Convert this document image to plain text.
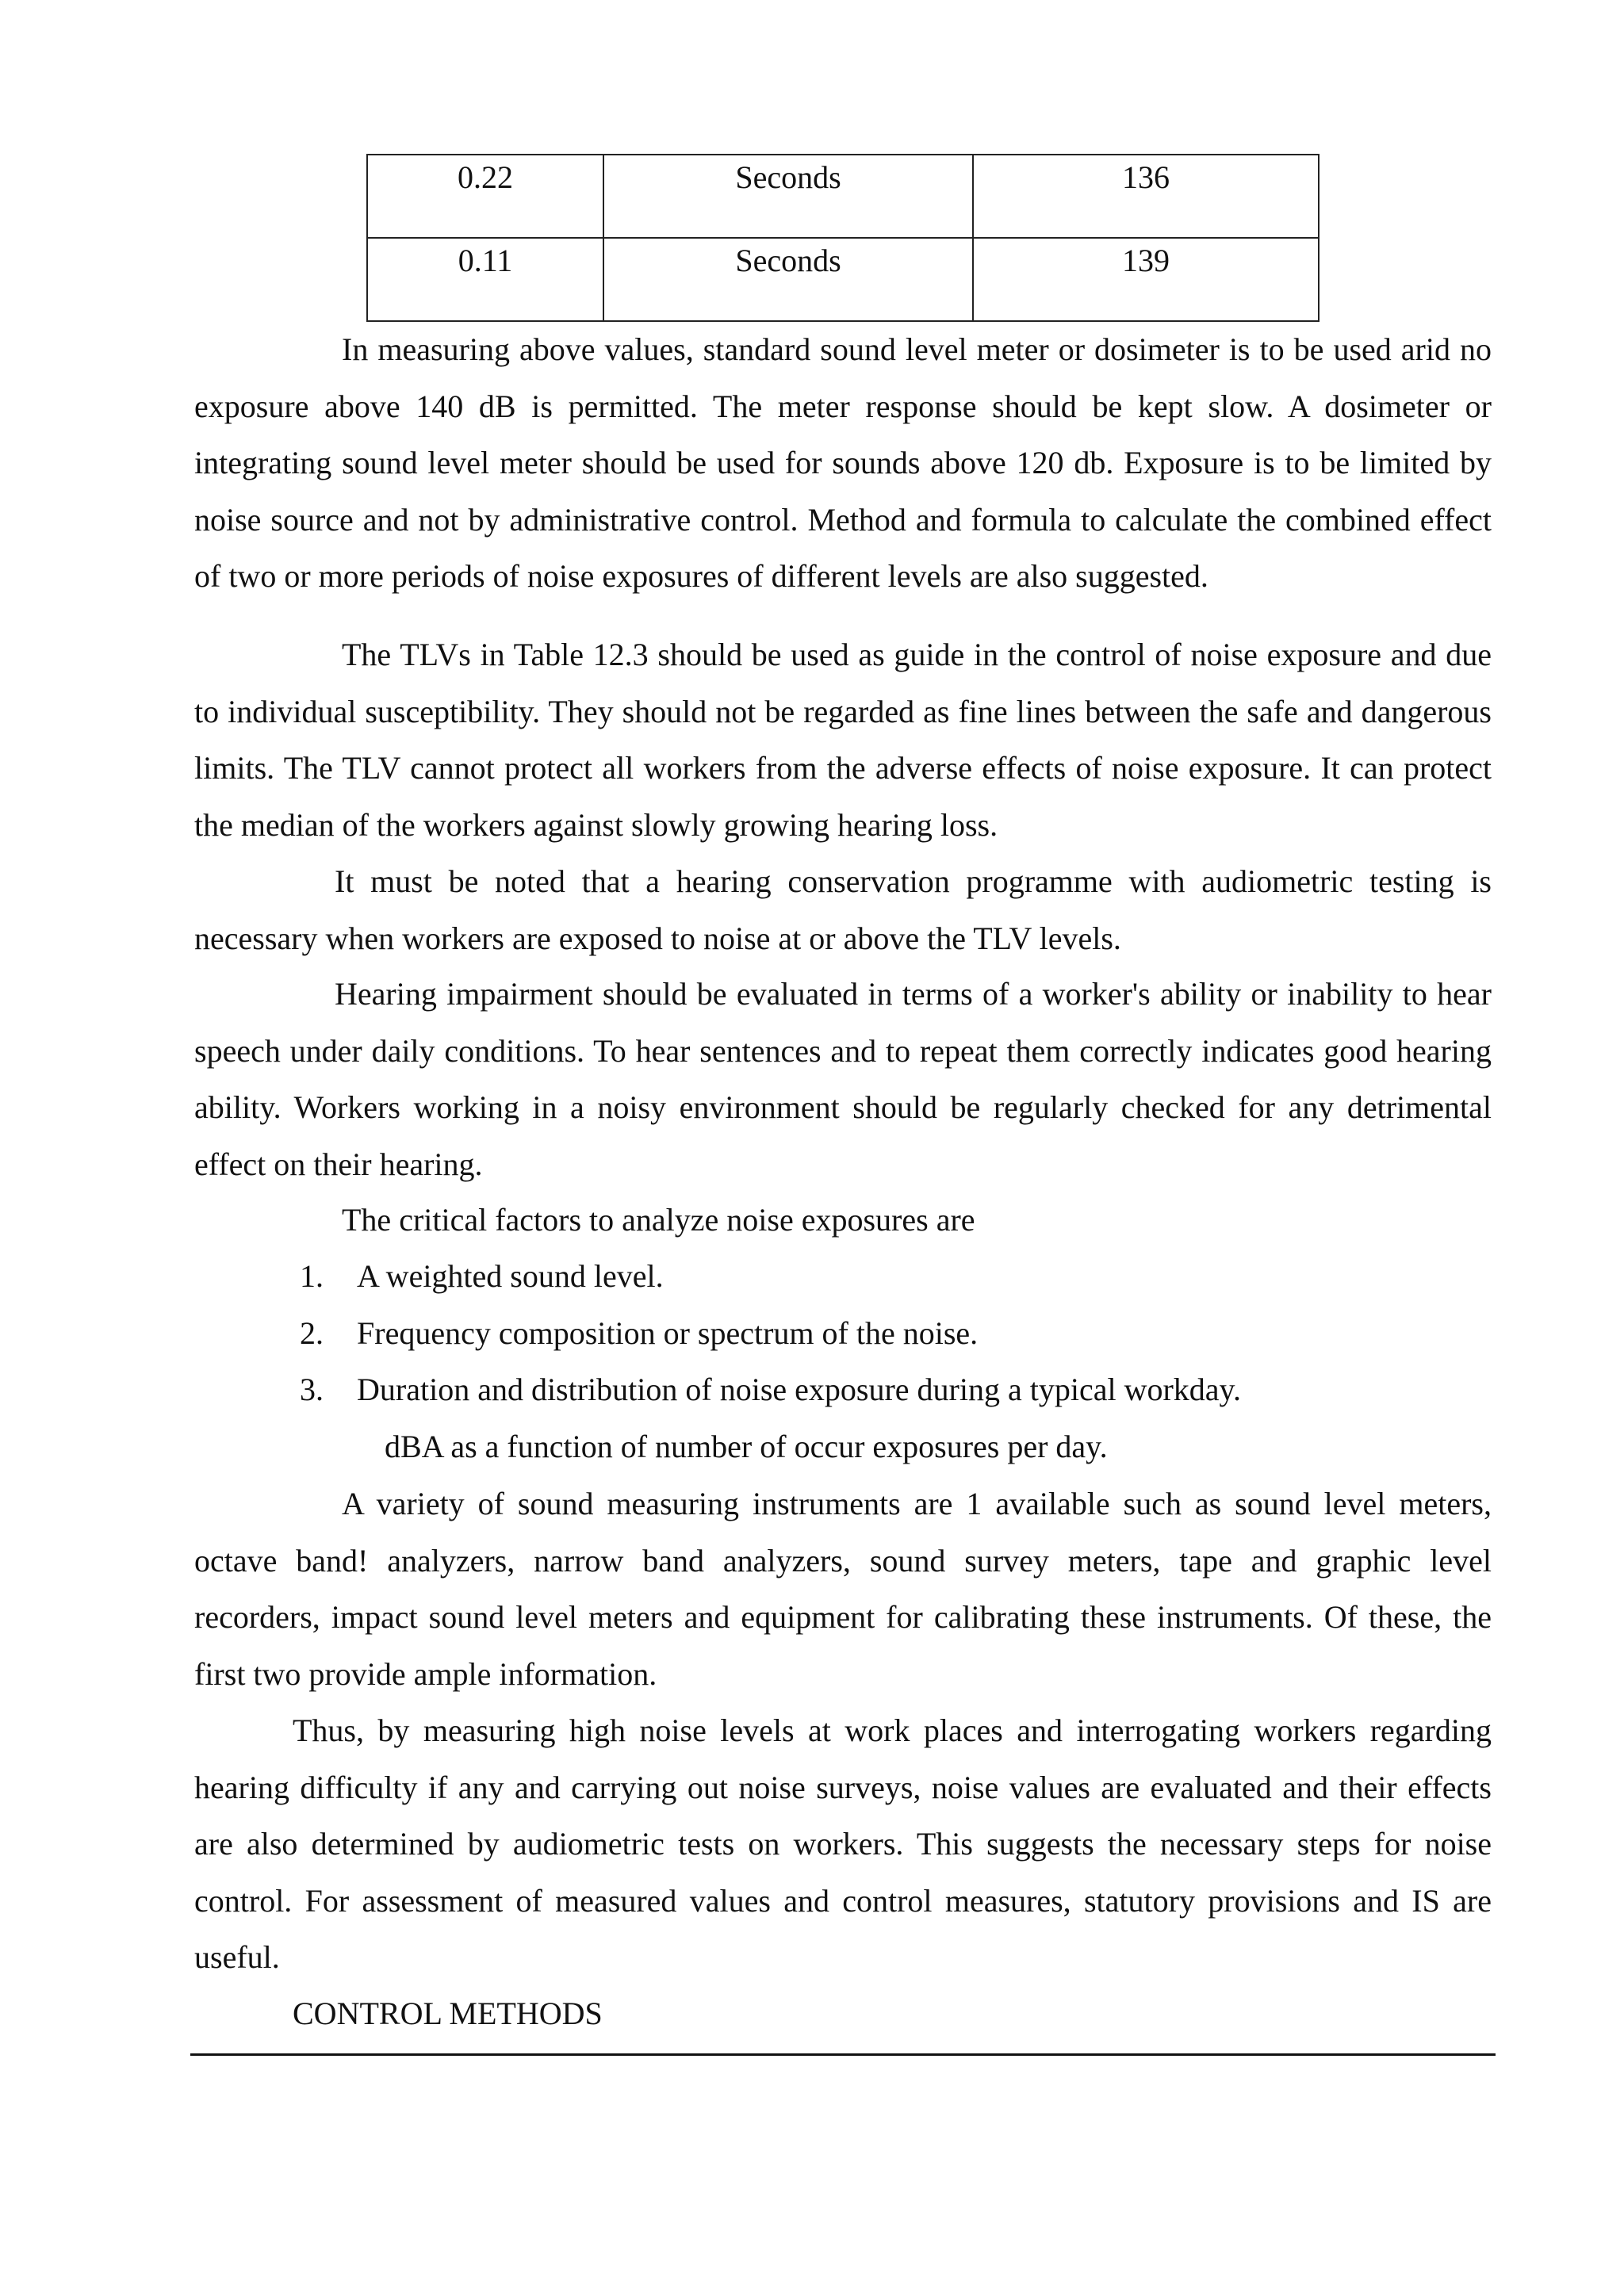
0.22	Seconds	136

0.11	Seconds	139

In measuring above values, standard sound level meter or dosimeter is to be used arid no exposure above 140 dB is permitted. The meter response should be kept slow. A dosimeter or integrating sound level meter should be used for sounds above 120 db. Exposure is to be limited by noise source and not by administrative control. Method and formula to calculate the combined effect of two or more periods of noise exposures of different levels are also suggested.

The TLVs in Table 12.3 should be used as guide in the control of noise exposure and due to individual susceptibility. They should not be regarded as fine lines between the safe and dangerous limits. The TLV cannot protect all workers from the adverse effects of noise exposure. It can protect the median of the workers against slowly growing hearing loss.

It must be noted that a hearing conservation programme with audiometric testing is necessary when workers are exposed to noise at or above the TLV levels.

Hearing impairment should be evaluated in terms of a worker's ability or inability to hear speech under daily conditions. To hear sentences and to repeat them correctly indicates good hearing ability. Workers working in a noisy environment should be regularly checked for any detrimental effect on their hearing.

The critical factors to analyze noise exposures are

1. A weighted sound level.
2. Frequency composition or spectrum of the noise.
3. Duration and distribution of noise exposure during a typical workday.

dBA as a function of number of occur exposures per day.

A variety of sound measuring instruments are 1 available such as sound level meters, octave band! analyzers, narrow band analyzers, sound survey meters, tape and graphic level recorders, impact sound level meters and equipment for calibrating these instruments. Of these, the first two provide ample information.

Thus, by measuring high noise levels at work places and interrogating workers regarding hearing difficulty if any and carrying out noise surveys, noise values are evaluated and their effects are also determined by audiometric tests on workers. This suggests the necessary steps for noise control. For assessment of measured values and control measures, statutory provisions and IS are useful.

CONTROL METHODS
